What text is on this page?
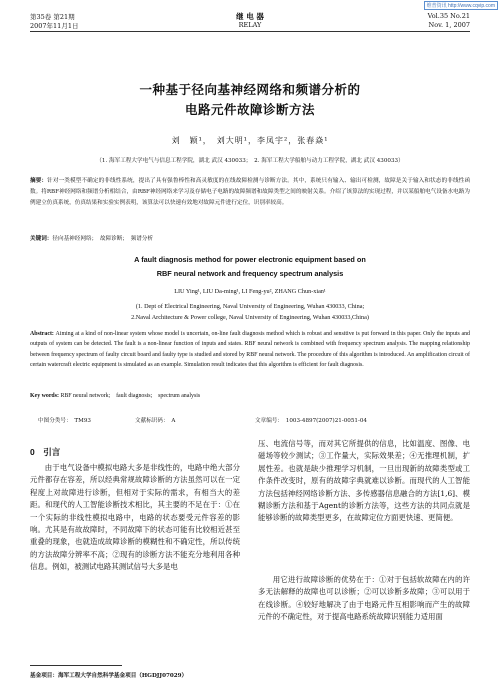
维普资讯 http://www.cqvip.com
第35卷 第21期
2007年11月1日
继 电 器
RELAY
Vol.35 No.21
Nov. 1, 2007
一种基于径向基神经网络和频谱分析的
电路元件故障诊断方法
刘　颖¹，　刘大明¹，李凤宇²，张春焱¹
（1. 海军工程大学电气与信息工程学院，湖北 武汉 430033；　2. 海军工程大学船舶与动力工程学院，湖北 武汉 430033）
摘要：针对一类模型不确定的非线性系统，提出了具有强鲁棒性和高灵敏度的在线故障检测与诊断方法。其中，系统只有输入、输出可检测，故障是关于输入和状态的非线性函数。将RBF神经网络和频谱分析相结合，由RBF神经网络来学习及存储电子电路的故障频谱和故障类型之间的映射关系。介绍了该算法的实现过程，并以某船舶电气设备水电路为例建立仿真系统，仿真结果和实验实例表明，该算法可以快速有效地对故障元件进行定位，识别率较高。
关键词：径向基神经网络；　故障诊断；　频谱分析
A fault diagnosis method for power electronic equipment based on
RBF neural network and frequency spectrum analysis
LIU Ying¹, LIU Da-ming¹, LI Feng-yu², ZHANG Chun-xian¹
(1. Dept of Electrical Engineering, Naval University of Engineering, Wuhan 430033, China;
2.Naval Architecture & Power college, Naval University of Engineering, Wuhan 430033,China)
Abstract: Aiming at a kind of non-linear system whose model is uncertain, on-line fault diagnosis method which is robust and sensitive is put forward in this paper. Only the inputs and outputs of system can be detected. The fault is a non-linear function of inputs and states. RBF neural network is combined with frequency spectrum analysis. The mapping relationship between frequency spectrum of faulty circuit board and faulty type is studied and stored by RBF neural network. The procedure of this algorithm is introduced. An amplification circuit of certain watercraft electric equipment is simulated as an example. Simulation result indicates that this algorithm is efficient for fault diagnosis.
Key words: RBF neural network;　fault diagnosis;　spectrum analysis
中图分类号：　TM93	文献标识码：　A	文章编号：　1003-4897(2007)21-0051-04
0　引言
由于电气设备中模拟电路大多是非线性的，电路中绝大部分元件都存在容差，所以经典常规故障诊断的方法虽然可以在一定程度上对故障进行诊断，但相对于实际的需求，有相当大的差距。和现代的人工智能诊断技术相比，其主要的不足在于：①在一个实际的非线性模拟电路中，电路的状态要受元件容差的影响。尤其是有故故障时，不同故障下的状态可能有比较相近甚至重叠的现象，也就造成故障诊断的模糊性和不确定性，所以传统的方法故障分辨率不高；②现有的诊断方法不能充分地利用各种信息。例如，被测试电路其测试信号大多是电
压、电流信号等，而对其它所提供的信息，比如温度、图像、电磁场等较少测试；③工作量大，实际效果差；④无推理机制，扩展性差。也就是缺少推理学习机制，一旦出现新的故障类型或工作条件改变时，原有的故障字典就难以诊断。而现代的人工智能方法包括神经网络诊断方法、多传感器信息融合的方法[1,6]、模糊诊断方法和基于Agent的诊断方法等，这些方法的共同点就是能够诊断的故障类型更多，在故障定位方面更快速、更简便。
用它进行故障诊断的优势在于：①对于包括软故障在内的许多无法解释的故障也可以诊断；②可以诊断多故障；③可以用于在线诊断。④较好地解决了由于电路元件互相影响而产生的故障元件的不确定性，对于提高电路系统故障识别能力适用面
基金项目：海军工程大学自然科学基金项目（HGDJJ07029）
